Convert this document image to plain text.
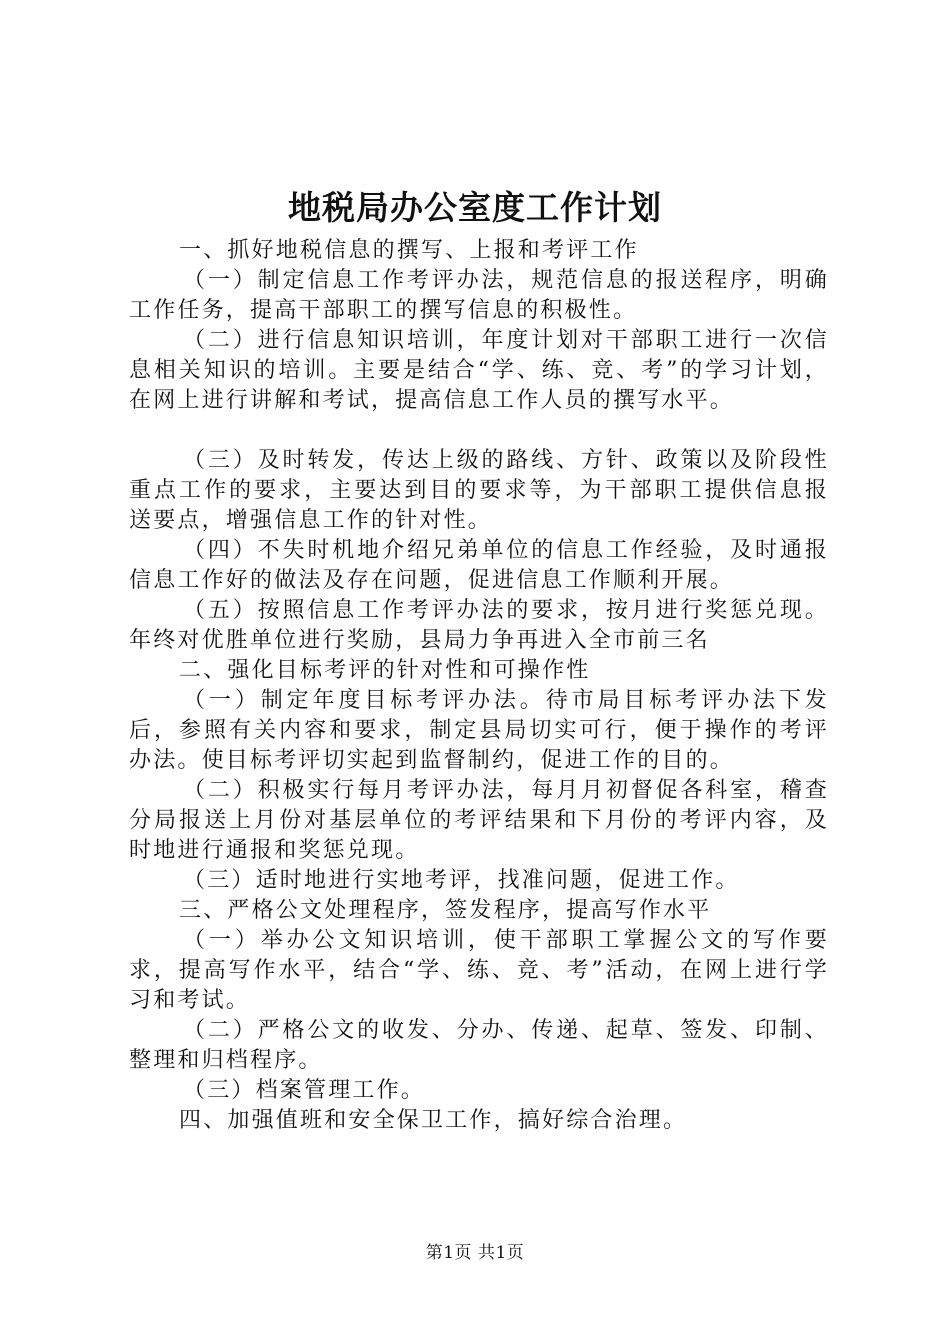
地税局办公室度工作计划

一、抓好地税信息的撰写、上报和考评工作

（一）制定信息工作考评办法，规范信息的报送程序，明确工作任务，提高干部职工的撰写信息的积极性。

（二）进行信息知识培训，年度计划对干部职工进行一次信息相关知识的培训。主要是结合“学、练、竞、考”的学习计划，在网上进行讲解和考试，提高信息工作人员的撰写水平。

（三）及时转发，传达上级的路线、方针、政策以及阶段性重点工作的要求，主要达到目的要求等，为干部职工提供信息报送要点，增强信息工作的针对性。

（四）不失时机地介绍兄弟单位的信息工作经验，及时通报信息工作好的做法及存在问题，促进信息工作顺利开展。

（五）按照信息工作考评办法的要求，按月进行奖惩兑现。年终对优胜单位进行奖励，县局力争再进入全市前三名

二、强化目标考评的针对性和可操作性

（一）制定年度目标考评办法。待市局目标考评办法下发后，参照有关内容和要求，制定县局切实可行，便于操作的考评办法。使目标考评切实起到监督制约，促进工作的目的。

（二）积极实行每月考评办法，每月月初督促各科室，稽查分局报送上月份对基层单位的考评结果和下月份的考评内容，及时地进行通报和奖惩兑现。

（三）适时地进行实地考评，找准问题，促进工作。

三、严格公文处理程序，签发程序，提高写作水平

（一）举办公文知识培训，使干部职工掌握公文的写作要求，提高写作水平，结合“学、练、竞、考”活动，在网上进行学习和考试。

（二）严格公文的收发、分办、传递、起草、签发、印制、整理和归档程序。

（三）档案管理工作。

四、加强值班和安全保卫工作，搞好综合治理。

第1页 共1页
